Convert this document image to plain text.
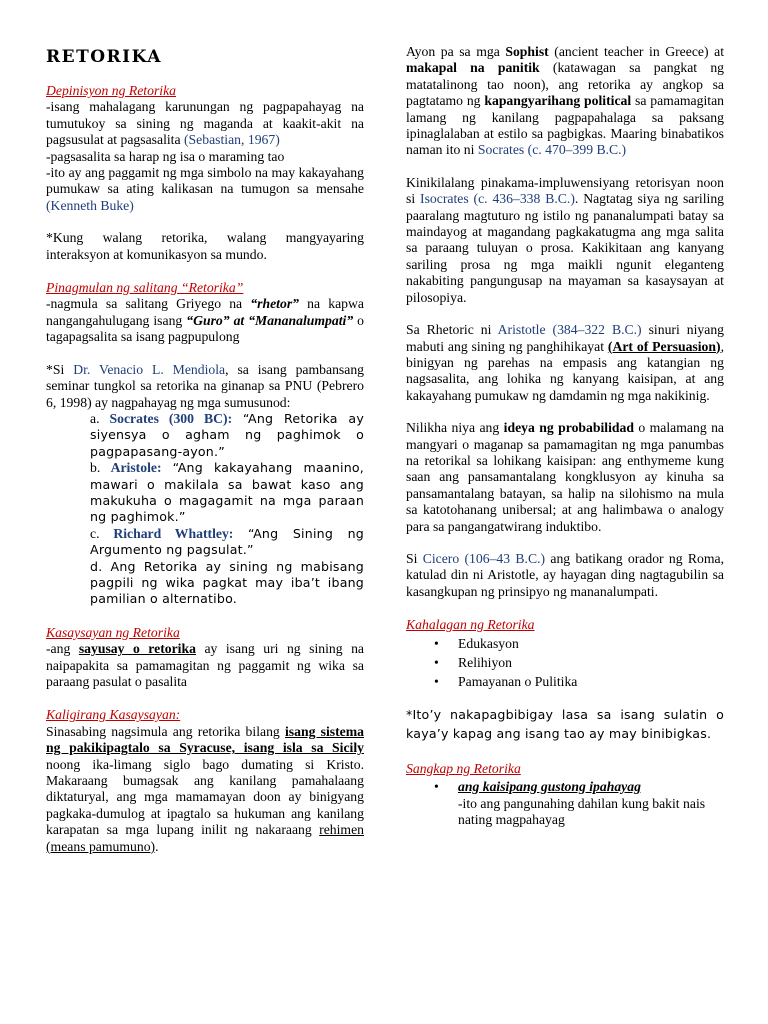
RETORIKA

Depinisyon ng Retorika

-isang mahalagang karunungan ng pagpapahayag na tumutukoy sa sining ng maganda at kaakit-akit na pagsusulat at pagsasalita (Sebastian, 1967)

-pagsasalita sa harap ng isa o maraming tao

-ito ay ang paggamit ng mga simbolo na may kakayahang pumukaw sa ating kalikasan na tumugon sa mensahe (Kenneth Buke)

*Kung walang retorika, walang mangyayaring interaksyon at komunikasyon sa mundo.

Pinagmulan ng salitang “Retorika”

-nagmula sa salitang Griyego na “rhetor” na kapwa nangangahulugang isang “Guro” at “Mananalumpati” o tagapagsalita sa isang pagpupulong

*Si Dr. Venacio L. Mendiola, sa isang pambansang seminar tungkol sa retorika na ginanap sa PNU (Pebrero 6, 1998) ay nagpahayag ng mga sumusunod:

a. Socrates (300 BC): “Ang Retorika ay siyensya o agham ng paghimok o pagpapasang-ayon.”

b. Aristole: “Ang kakayahang maanino, mawari o makilala sa bawat kaso ang makukuha o magagamit na mga paraan ng paghimok.”

c. Richard Whattley: “Ang Sining ng Argumento ng pagsulat.”

d. Ang Retorika ay sining ng mabisang pagpili ng wika pagkat may iba’t ibang pamilian o alternatibo.

Kasaysayan ng Retorika

-ang sayusay o retorika ay isang uri ng sining na naipapakita sa pamamagitan ng paggamit ng wika sa paraang pasulat o pasalita

Kaligirang Kasaysayan:

Sinasabing nagsimula ang retorika bilang isang sistema ng pakikipagtalo sa Syracuse, isang isla sa Sicily noong ika-limang siglo bago dumating si Kristo. Makaraang bumagsak ang kanilang pamahalaang diktaturyal, ang mga mamamayan doon ay binigyang pagkaka-dumulog at ipagtalo sa hukuman ang kanilang karapatan sa mga lupang inilit ng nakaraang rehimen (means pamumuno).

Ayon pa sa mga Sophist (ancient teacher in Greece) at makapal na panitik (katawagan sa pangkat ng matatalinong tao noon), ang retorika ay angkop sa pagtatamo ng kapangyarihang political sa pamamagitan lamang ng kanilang pagpapahalaga sa paksang ipinaglalaban at estilo sa pagbigkas. Maaring binabatikos naman ito ni Socrates (c. 470–399 B.C.)

Kinikilalang pinakama-impluwensiyang retorisyan noon si Isocrates (c. 436–338 B.C.). Nagtatag siya ng sariling paaralang magtuturo ng istilo ng pananalumpati batay sa maindayog at magandang pagkakatugma ang mga salita sa paraang tuluyan o prosa. Kakikitaan ang kanyang sariling prosa ng mga maikli ngunit eleganteng nakabiting pangungusap na mayaman sa kasaysayan at pilosopiya.

Sa Rhetoric ni Aristotle (384–322 B.C.) sinuri niyang mabuti ang sining ng panghihikayat (Art of Persuasion), binigyan ng parehas na empasis ang katangian ng nagsasalita, ang lohika ng kanyang kaisipan, at ang kakayahang pumukaw ng damdamin ng mga nakikinig.

Nilikha niya ang ideya ng probabilidad o malamang na mangyari o maganap sa pamamagitan ng mga panumbas na retorikal sa lohikang kaisipan: ang enthymeme kung saan ang pansamantalang kongklusyon ay kinuha sa pansamantalang batayan, sa halip na silohismo na mula sa katotohanang unibersal; at ang halimbawa o analogy para sa pangangatwirang induktibo.

Si Cicero (106–43 B.C.) ang batikang orador ng Roma, katulad din ni Aristotle, ay hayagan ding nagtagubilin sa kasangkupan ng prinsipyo ng mananalumpati.

Kahalagan ng Retorika

• Edukasyon
• Relihiyon
• Pamayanan o Pulitika

*Ito’y nakapagbibigay lasa sa isang sulatin o kaya’y kapag ang isang tao ay may binibigkas.

Sangkap ng Retorika

• ang kaisipang gustong ipahayag

-ito ang pangunahing dahilan kung bakit nais nating magpahayag
